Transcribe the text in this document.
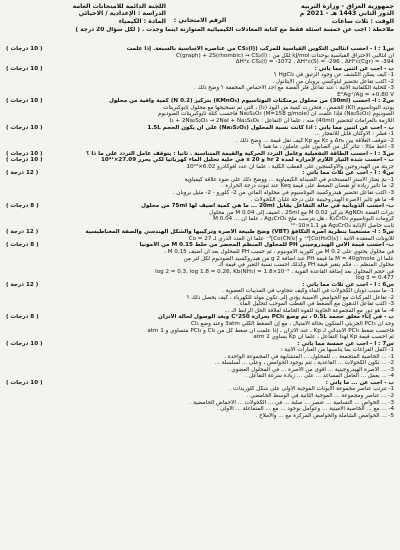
جمهورية العراق - وزارة التربية
الدور التاني 1443 هـ - 2021 م
الوقت : ثلاث ساعات
الرقم الامتحاني :
اللجنة الدائمة للامتحانات العامة
الدراسة : الإعدادية / الاحيائي
المادة : الكيمياء
ملاحظة : أجب عن خمسة أسئلة فقط مع كتابة المعادلات الكيميائية المتوازنة أينما وجدت . ( لكل سؤال 20 درجة )
س1 : أ - احسب انثالبي التكوين القياسية للمركب (CS₂(l) من عناصره الأساسية بالسبعة. إذا علمت
( 10 درجات )
ان انثالبي الاحتراق القياسية بوحدات kJ/mol لكل من : C(graph) + 2S(rhombic) → CS₂(l)
ΔH°c CS₂(l) = -1072 , ΔH°c(S) = -296 , ΔH°c(Cgr) = -394
ب - أجب عن اثنين مما يأتي :
( 10 درجات )
1- كيف يمكن الكشف عن وجود الزئبق في HgCl₂ ؟
2- اكتب تفاعل تحضير ايثوكسي بروبان من الايثانول .
3- للخلية الكلفانية الآتية : عند تفاعل فلز الفضة مع أحد الأحماض المخففة ؟ وضح ذلك .
E°Ag⁺/Ag = +0.80 V
س2 : أ- احسب (30ml) من محلول برمنكنات البوتاسيوم (KMnO₄) بتركيز (0.2 N) كمية وافية من محلول
( 10 درجات )
يوديد البوتاسيوم (KI) الحمض ، فتحررت كمية من اليود (I₂) ، التي تم تسحيحها مع محلول ثايوكبريتات
الصوديوم (Na₂S₂O₃) فإذا علمت أن (Na₂S₂O₃ (M=158 g/mole فاحسب كتلة ثايوكبريتات الصوديوم
اللازمة بالغرامات لتحضير (40ml) منه ، علماً أن التفاعل : I₂ + 2Na₂S₂O₃ → 2NaI + Na₂S₄O₆
ب - أجب عن اثنين مما يأتي : اذا كانت نسبة المحلول (Na₂S₂O₃) على أن يكون الحجم 1.5L
( 10 درجات )
1- فسّر : الأوكتان قابل للانفجار ...
2- تتوقف العلاقة بين Δnₐ و Kc مع Kp كيف تقل قيمة ... وضح ذلك .
3- اعط مثالاً : تتأثر كل من الصابون على عاملين ، ما هما ؟
س3 : أ - احسب الطاقة التفعيلية وعامل التردد الحركية والقيمة المتناسبة . ثانيا : يتوقف عامل التردد على ما ذا ؟
( 10 درجات )
ب - احسب شدة التيار اللازم لإمراره لمدة 2 hr و 20 s في خلية تحليل الماء كهربائياً لكي يحرر 27.09×10²¹
( 10 درجات )
جزيئة من الهيدروجين والأوكسجين على القطب الكلية ، علماً أن عدد أفوكادرو 6.02×10²³
س4 : أ - أجب عن ثلاث مما يأتي :
( 12 درجة )
1- بمَ يمتاز الأستر المستخدم في الصيدلة الكيمياوية ... ووضح ذلك على ضوء علاقة كيمياوية
2- ما تأثير زيادة أو نقصان الضغط على قيمة Keq عند ثبوت درجة الحرارة .
3- اكتب تفاعل تحضير هيدروكسيد البوتاسيوم في محلوله المائي من 2- كلورو - 2- مثيل بروبان .
4- ما هو تأثير الاصرة الهيدروجينية على درجة غليان الكحولات .
ب- احسب الذوبانية في حالة التفاعل يقابل 20ml ... ما هي كمية أضيف لها 75ml من محلول
( 8 درجات )
نترات الفضة AgNO₃ بتركيز 0.02 M مع 25ml ، أضيف إلى 0.04 M من محلول
كرومات البوتاسيوم K₂CrO₄ ، هل يترسب ملح Ag₂CrO₄ ، علماً أن ... 0.04 M
ثابت حاصل الإذابة Ag₂CrO₄ هو 1.1×10⁻¹²
س5 : أ- مستعينا بنظرية أصرة التكافؤ (VBT) وضح طبيعة الأصرة وتركيبها والشكل الهندسي والصفة المغناطيسية
( 12 درجة )
للأيونات المعقدة الآتية : [Co(H₂O)₆]²⁺ و [Co(CN)₆]³⁻ علماً أن العدد الذري لـ Co = 27
ب- احسب قيمة الأس الهيدروجيني PH للمحلول المنظم المحضر من خلط 0.15 M من الامونيا
( 8 درجات )
في محلول يحتوي على 0.2 M من كلوريد الأمونيوم ، ثم حسب PH للمحلول بعد أن أضيف 0.15 M ،
علماً أن M = 40g/mole ما قيمة PH عند أضافة 2 g من هيدروكسيد الصوديوم لكل لتر من
محلول المنظم ... فكم يتغير قيمة PH وكذلك أحسب نسبة التغير في قيمة الـ
في حجم المحلول بعد إضافة القاعدة القوية ، log 2 = 0.3, log 1.8 = 0.26, Kb(NH₃) = 1.8×10⁻⁵
log 3 = 0.477
س6 : أ - أجب عن ثلاث مما يأتي :
( 12 درجة )
1- ما سبب ذوبان الكحولات في الماء وكيف تتجاوب في المذيبات العضوية .
2- تفاعل المركبات مع الحوامض الأمينية يؤدي إلى تكون مولد للكهرباء ، كيف يحصل ذلك ؟
3- اكتب تفاعل الدهون مع الضغط في القطب الموجب لتحليل الماء .
4- ما هو دور مع المجموعة الحاوية للقوة الحاملة لعلاقة الحل الرابط الـ ...
ب - في إناء مغلق حجمه 0.5L ، تم وضع PCl₅ بحرارة 250°C وبعد الوصول لحالة الاتزان
( 8 درجات )
وجد أن PCl₃ الجزيئي المتكون بحالة الأمتيال ، مع إن الضغط الكلي 3atm وعند وضع Cl₂
فاحسب ضغط PCl₅ الأبتدائي لـ Kp ، عند الاتزان ، إذا علمت أن ضغط كل من Cl₂ و PCl₃ متساوي و 1 atm
ثم أحسب قيمة Kp لهذا التفاعل ، علماً أن Kp يساوي 2 atm
س7 : أ - أجب عن خمسة مما يأتي :
( 10 درجات )
1- أكمل الفراغات بما يناسبها من العبارات الآتية :
1- ... الخاصية المتجمعة ... للمحلول ... المتشابهة في المجموعة الواحدة .
2- ... تكون الكحولات ... القاعدية ، تتم بوجود الحوامض ، وعلى ... لسلسلة ...
3- ... الأصرة الهيدروجينية ... أقوى من الأصرة ... في المحلول العضوي .
4- ... يعمل ... العامل المساعد ... على ... زيادة سرعة التفاعل .
ب - أجب عن ... ما يأتي :
( 10 درجات )
1- تترتب عناصر مجموعة الأيونات الموجبة الأولى على شكل كلوريدات .
2- ... عناصر ومجموعة ... الموجبة الثانية في الوسط الحامضي .
3- ... الخواص ... التسامية ... عنصر ... صلبة ... في ... الكحولات ... الأحماض الحامضية .
4- ... مع ... الخاصية الأمينية ... وعوامل بوجود ... مع ... المتفاعلة ... الأولى .
5- ... الحوامض الشاملة والحوامض المركزة مع ... والأملاح .
